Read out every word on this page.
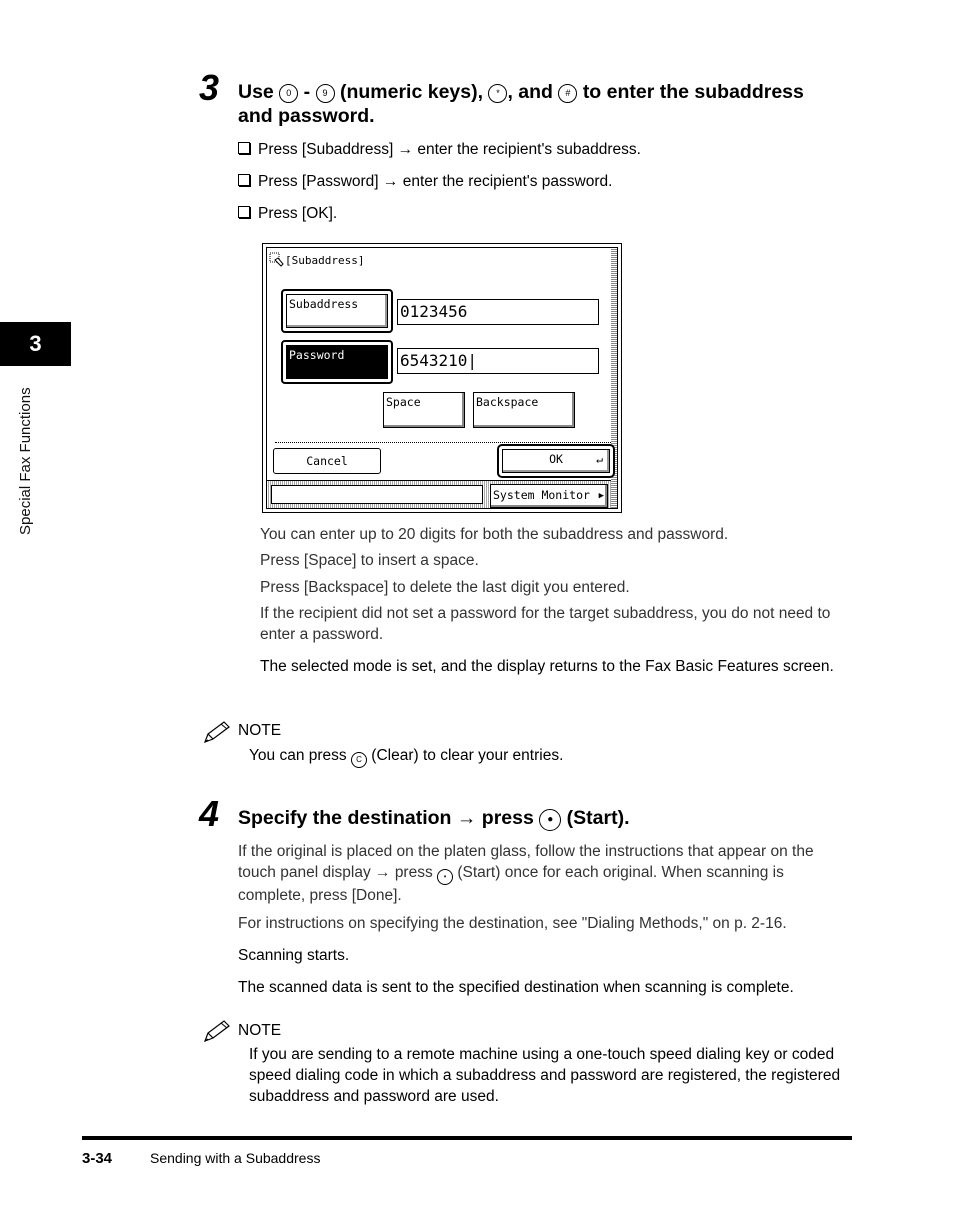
3
Special Fax Functions
3 Use 0 - 9 (numeric keys), * , and # to enter the subaddress
and password.
Press [Subaddress] → enter the recipient's subaddress.
Press [Password] → enter the recipient's password.
Press [OK].
[Subaddress]
Subaddress	0123456
Password	6543210|
Space	Backspace
Cancel	OK	↵
System Monitor ▶
You can enter up to 20 digits for both the subaddress and password.
Press [Space] to insert a space.
Press [Backspace] to delete the last digit you entered.
If the recipient did not set a password for the target subaddress, you do not need to enter a password.
The selected mode is set, and the display returns to the Fax Basic Features screen.
NOTE
You can press C (Clear) to clear your entries.
4 Specify the destination → press ● (Start).
If the original is placed on the platen glass, follow the instructions that appear on the touch panel display → press • (Start) once for each original. When scanning is complete, press [Done].
For instructions on specifying the destination, see "Dialing Methods," on p. 2-16.
Scanning starts.
The scanned data is sent to the specified destination when scanning is complete.
NOTE
If you are sending to a remote machine using a one-touch speed dialing key or coded speed dialing code in which a subaddress and password are registered, the registered subaddress and password are used.
3-34	Sending with a Subaddress
